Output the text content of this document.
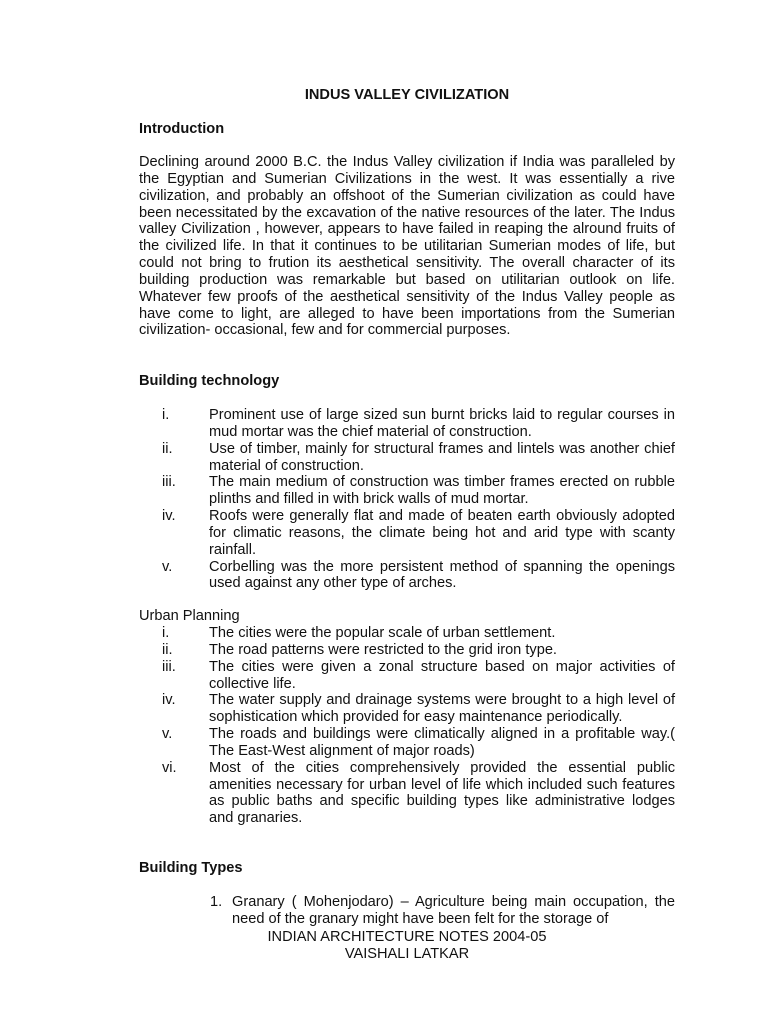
INDUS VALLEY CIVILIZATION
Introduction

Declining around 2000 B.C. the Indus Valley civilization if India was paralleled by the Egyptian and Sumerian Civilizations in the west. It was essentially a rive civilization, and probably an offshoot of the Sumerian civilization as could have been necessitated by the excavation of the native resources of the later. The Indus valley Civilization , however, appears to have failed in reaping the alround fruits of the civilized life. In that it continues to be utilitarian Sumerian modes of life, but could not bring to frution its aesthetical sensitivity. The overall character of its building production was remarkable but based on utilitarian outlook on life. Whatever few proofs of the aesthetical sensitivity of the Indus Valley people as have come to light, are alleged to have been importations from the Sumerian civilization- occasional, few and for commercial purposes.

Building technology
i.	Prominent use of large sized sun burnt bricks laid to regular courses in mud mortar was the chief material of construction.
ii. Use of timber, mainly for structural frames and lintels was another chief material of construction.
iii. The main medium of construction was timber frames erected on rubble plinths and filled in with brick walls of mud mortar.
iv. Roofs were generally flat and made of beaten earth obviously adopted for climatic reasons, the climate being hot and arid type with scanty rainfall.
v.	Corbelling was the more persistent method of spanning the openings used against any other type of arches.
Urban Planning
i.	The cities were the popular scale of urban settlement.
ii. The road patterns were restricted to the grid iron type.
iii. The cities were given a zonal structure based on major activities of collective life.
iv. The water supply and drainage systems were brought to a high level of sophistication which provided for easy maintenance periodically.
v.	The roads and buildings were climatically aligned in a profitable way.( The East-West alignment of major roads)
vi. Most of the cities comprehensively provided the essential public amenities necessary for urban level of life which included such features as public baths and specific building types like administrative lodges and granaries.
Building Types
1. Granary ( Mohenjodaro) – Agriculture being main occupation, the need of the granary might have been felt for the storage of
INDIAN ARCHITECTURE NOTES 2004-05
VAISHALI LATKAR
